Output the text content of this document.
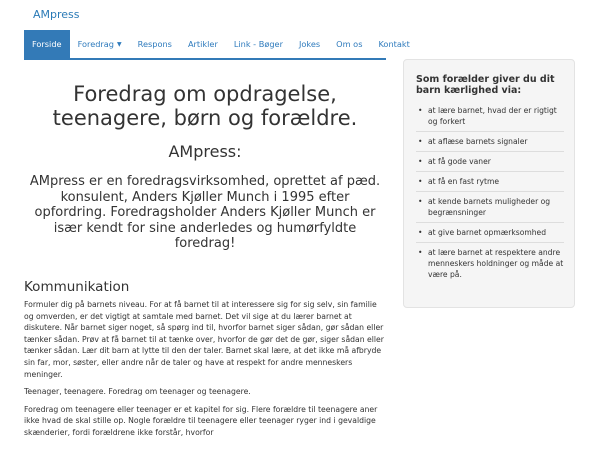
AMpress
Forside Foredrag ▼ Respons Artikler Link - Bøger Jokes Om os Kontakt
Foredrag om opdragelse, teenagere, børn og forældre.
AMpress:

AMpress er en foredragsvirksomhed, oprettet af pæd. konsulent, Anders Kjøller Munch i 1995 efter opfordring. Foredragsholder Anders Kjøller Munch er især kendt for sine anderledes og humørfyldte foredrag!

Kommunikation

Formuler dig på barnets niveau. For at få barnet til at interessere sig for sig selv, sin familie og omverden, er det vigtigt at samtale med barnet. Det vil sige at du lærer barnet at diskutere. Når barnet siger noget, så spørg ind til, hvorfor barnet siger sådan, gør sådan eller tænker sådan. Prøv at få barnet til at tænke over, hvorfor de gør det de gør, siger sådan eller tænker sådan. Lær dit barn at lytte til den der taler. Barnet skal lære, at det ikke må afbryde sin far, mor, søster, eller andre når de taler og have at respekt for andre menneskers meninger.

Teenager, teenagere. Foredrag om teenager og teenagere.

Foredrag om teenagere eller teenager er et kapitel for sig. Flere forældre til teenagere aner ikke hvad de skal stille op. Nogle forældre til teenagere eller teenager ryger ind i gevaldige skænderier, fordi forældrene ikke forstår, hvorfor

Som forælder giver du dit barn kærlighed via:
• at lære barnet, hvad der er rigtigt og forkert
• at aflæse barnets signaler
• at få gode vaner
• at få en fast rytme
• at kende barnets muligheder og begrænsninger
• at give barnet opmærksomhed
• at lære barnet at respektere andre menneskers holdninger og måde at være på.
